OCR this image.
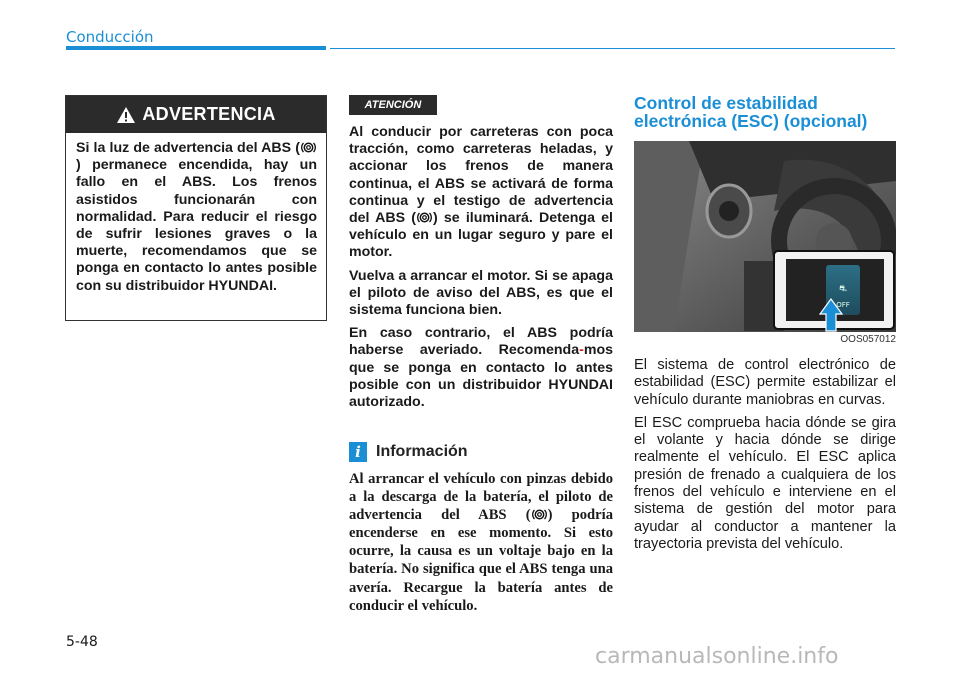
Conducción
ADVERTENCIA
Si la luz de advertencia del ABS () permanece encendida, hay un fallo en el ABS. Los frenos asistidos funcionarán con normalidad. Para reducir el riesgo de sufrir lesiones graves o la muerte, recomendamos que se ponga en contacto lo antes posible con su distribuidor HYUNDAI.
ATENCIÓN

Al conducir por carreteras con poca tracción, como carreteras heladas, y accionar los frenos de manera continua, el ABS se activará de forma continua y el testigo de advertencia del ABS ( ) se iluminará. Detenga el vehículo en un lugar seguro y pare el motor.

Vuelva a arrancar el motor. Si se apaga el piloto de aviso del ABS, es que el sistema funciona bien.

En caso contrario, el ABS podría haberse averiado. Recomenda-mos que se ponga en contacto lo antes posible con un distribuidor HYUNDAI autorizado.

i Información
Al arrancar el vehículo con pinzas debido a la descarga de la batería, el piloto de advertencia del ABS ( ) podría encenderse en ese momento. Si esto ocurre, la causa es un voltaje bajo en la batería. No significa que el ABS tenga una avería. Recargue la batería antes de conducir el vehículo.
Control de estabilidad electrónica (ESC) (opcional)
⛐
OFF
OOS057012

El sistema de control electrónico de estabilidad (ESC) permite estabilizar el vehículo durante maniobras en curvas.

El ESC comprueba hacia dónde se gira el volante y hacia dónde se dirige realmente el vehículo. El ESC aplica presión de frenado a cualquiera de los frenos del vehículo e interviene en el sistema de gestión del motor para ayudar al conductor a mantener la trayectoria prevista del vehículo.

5-48
carmanualsonline.info
